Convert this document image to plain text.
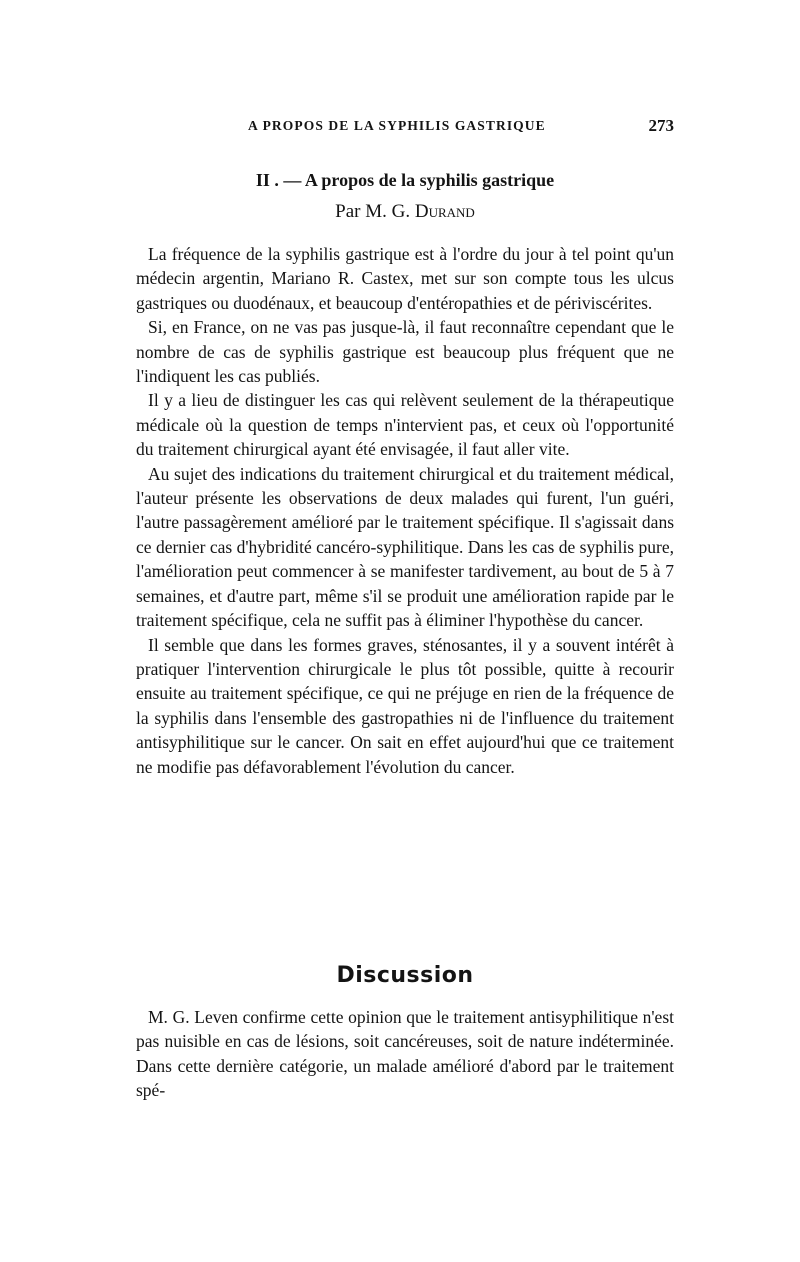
A PROPOS DE LA SYPHILIS GASTRIQUE	273
II . — A propos de la syphilis gastrique
Par M. G. Durand

La fréquence de la syphilis gastrique est à l'ordre du jour à tel point qu'un médecin argentin, Mariano R. Castex, met sur son compte tous les ulcus gastriques ou duodénaux, et beaucoup d'entéropathies et de périviscérites.

Si, en France, on ne vas pas jusque-là, il faut reconnaître cependant que le nombre de cas de syphilis gastrique est beaucoup plus fréquent que ne l'indiquent les cas publiés.

Il y a lieu de distinguer les cas qui relèvent seulement de la thérapeutique médicale où la question de temps n'intervient pas, et ceux où l'opportunité du traitement chirurgical ayant été envisagée, il faut aller vite.

Au sujet des indications du traitement chirurgical et du traitement médical, l'auteur présente les observations de deux malades qui furent, l'un guéri, l'autre passagèrement amélioré par le traitement spécifique. Il s'agissait dans ce dernier cas d'hybridité cancéro-syphilitique. Dans les cas de syphilis pure, l'amélioration peut commencer à se manifester tardivement, au bout de 5 à 7 semaines, et d'autre part, même s'il se produit une amélioration rapide par le traitement spécifique, cela ne suffit pas à éliminer l'hypothèse du cancer.

Il semble que dans les formes graves, sténosantes, il y a souvent intérêt à pratiquer l'intervention chirurgicale le plus tôt possible, quitte à recourir ensuite au traitement spécifique, ce qui ne préjuge en rien de la fréquence de la syphilis dans l'ensemble des gastropathies ni de l'influence du traitement antisyphilitique sur le cancer. On sait en effet aujourd'hui que ce traitement ne modifie pas défavorablement l'évolution du cancer.

Discussion

M. G. Leven confirme cette opinion que le traitement antisyphilitique n'est pas nuisible en cas de lésions, soit cancéreuses, soit de nature indéterminée. Dans cette dernière catégorie, un malade amélioré d'abord par le traitement spé-
